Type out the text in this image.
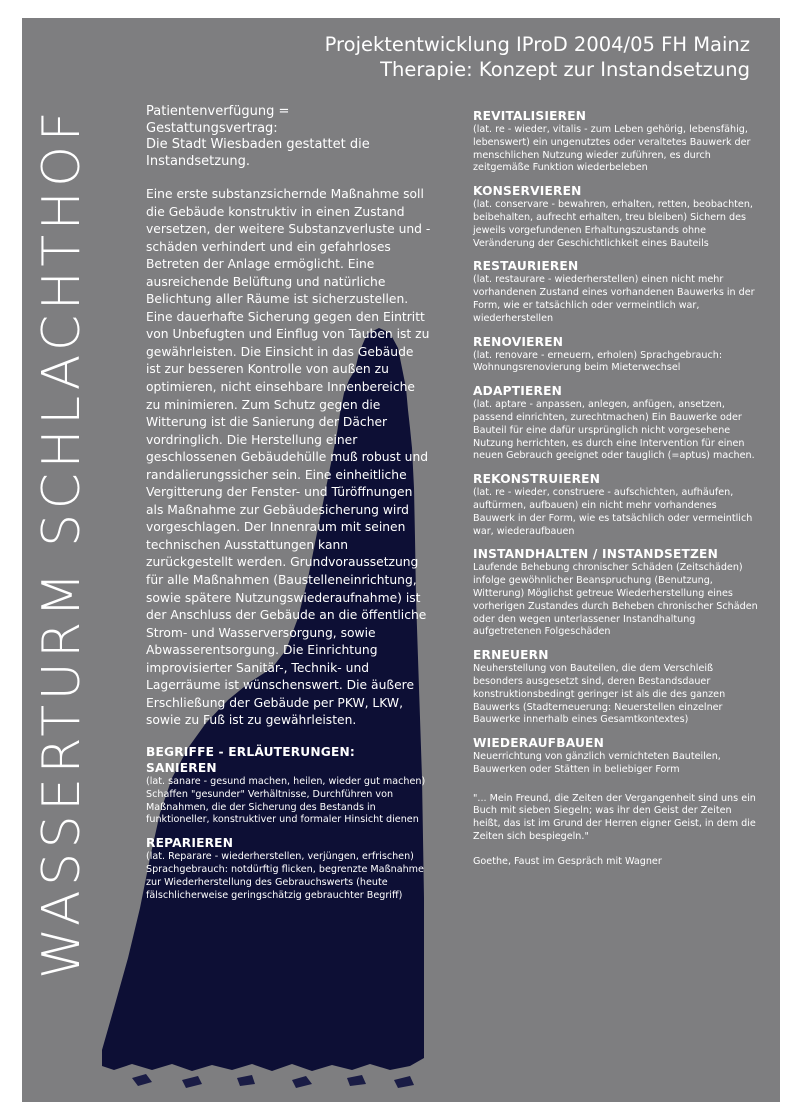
WASSERTURM SCHLACHTHOF
Projektentwicklung IProD 2004/05 FH Mainz
Therapie: Konzept zur Instandsetzung
Patientenverfügung =
Gestattungsvertrag:
Die Stadt Wiesbaden gestattet die Instandsetzung.
Eine erste substanzsichernde Maßnahme soll die Gebäude konstruktiv in einen Zustand versetzen, der weitere Substanzverluste und -schäden verhindert und ein gefahrloses Betreten der Anlage ermöglicht. Eine ausreichende Belüftung und natürliche Belichtung aller Räume ist sicherzustellen. Eine dauerhafte Sicherung gegen den Eintritt von Unbefugten und Einflug von Tauben ist zu gewährleisten. Die Einsicht in das Gebäude ist zur besseren Kontrolle von außen zu optimieren, nicht einsehbare Innenbereiche zu minimieren. Zum Schutz gegen die Witterung ist die Sanierung der Dächer vordringlich. Die Herstellung einer geschlossenen Gebäudehülle muß robust und randalierungssicher sein. Eine einheitliche Vergitterung der Fenster- und Türöffnungen als Maßnahme zur Gebäudesicherung wird vorgeschlagen. Der Innenraum mit seinen technischen Ausstattungen kann zurückgestellt werden. Grundvoraussetzung für alle Maßnahmen (Baustelleneinrichtung, sowie spätere Nutzungswiederaufnahme) ist der Anschluss der Gebäude an die öffentliche Strom- und Wasserversorgung, sowie Abwasserentsorgung. Die Einrichtung improvisierter Sanitär-, Technik- und Lagerräume ist wünschenswert. Die äußere Erschließung der Gebäude per PKW, LKW, sowie zu Fuß ist zu gewährleisten.
BEGRIFFE - ERLÄUTERUNGEN:
SANIEREN
(lat. sanare - gesund machen, heilen, wieder gut machen) Schaffen "gesunder" Verhältnisse, Durchführen von Maßnahmen, die der Sicherung des Bestands in funktioneller, konstruktiver und formaler Hinsicht dienen
REPARIEREN
(lat. Reparare - wiederherstellen, verjüngen, erfrischen) Sprachgebrauch: notdürftig flicken, begrenzte Maßnahme zur Wiederherstellung des Gebrauchswerts (heute fälschlicherweise geringschätzig gebrauchter Begriff)
REVITALISIEREN
(lat. re - wieder, vitalis - zum Leben gehörig, lebensfähig, lebenswert) ein ungenutztes oder veraltetes Bauwerk der menschlichen Nutzung wieder zuführen, es durch zeitgemäße Funktion wiederbeleben
KONSERVIEREN
(lat. conservare - bewahren, erhalten, retten, beobachten, beibehalten, aufrecht erhalten, treu bleiben) Sichern des jeweils vorgefundenen Erhaltungszustands ohne Veränderung der Geschichtlichkeit eines Bauteils
RESTAURIEREN
(lat. restaurare - wiederherstellen) einen nicht mehr vorhandenen Zustand eines vorhandenen Bauwerks in der Form, wie er tatsächlich oder vermeintlich war, wiederherstellen
RENOVIEREN
(lat. renovare - erneuern, erholen) Sprachgebrauch: Wohnungsrenovierung beim Mieterwechsel
ADAPTIEREN
(lat. aptare - anpassen, anlegen, anfügen, ansetzen, passend einrichten, zurechtmachen) Ein Bauwerke oder Bauteil für eine dafür ursprünglich nicht vorgesehene Nutzung herrichten, es durch eine Intervention für einen neuen Gebrauch geeignet oder tauglich (=aptus) machen.
REKONSTRUIEREN
(lat. re - wieder, construere - aufschichten, aufhäufen, auftürmen, aufbauen) ein nicht mehr vorhandenes Bauwerk in der Form, wie es tatsächlich oder vermeintlich war, wiederaufbauen
INSTANDHALTEN / INSTANDSETZEN
Laufende Behebung chronischer Schäden (Zeitschäden) infolge gewöhnlicher Beanspruchung (Benutzung, Witterung) Möglichst getreue Wiederherstellung eines vorherigen Zustandes durch Beheben chronischer Schäden oder den wegen unterlassener Instandhaltung aufgetretenen Folgeschäden
ERNEUERN
Neuherstellung von Bauteilen, die dem Verschleiß besonders ausgesetzt sind, deren Bestandsdauer konstruktionsbedingt geringer ist als die des ganzen Bauwerks (Stadterneuerung: Neuerstellen einzelner Bauwerke innerhalb eines Gesamtkontextes)
WIEDERAUFBAUEN
Neuerrichtung von gänzlich vernichteten Bauteilen, Bauwerken oder Stätten in beliebiger Form
"... Mein Freund, die Zeiten der Vergangenheit sind uns ein Buch mit sieben Siegeln; was ihr den Geist der Zeiten heißt, das ist im Grund der Herren eigner Geist, in dem die Zeiten sich bespiegeln."
Goethe, Faust im Gespräch mit Wagner
